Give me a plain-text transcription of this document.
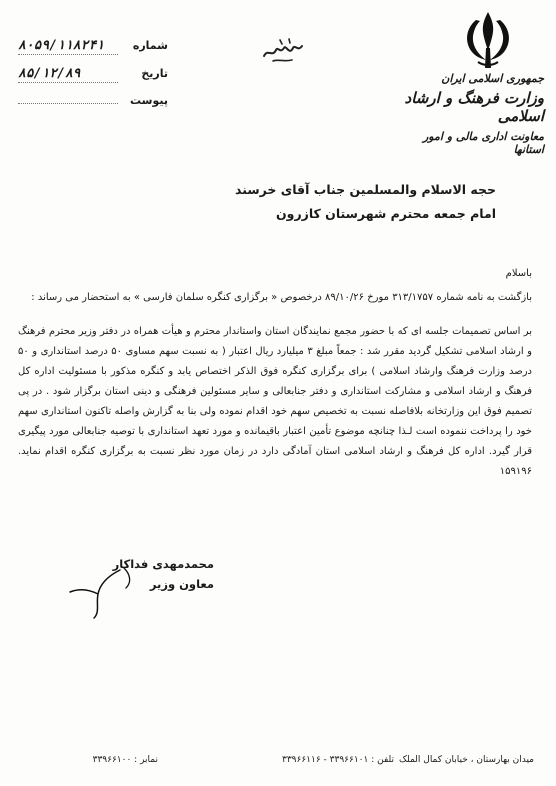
شماره
۸۰۵۹/۱۱۸۲۴۱
تاریخ
۸۵/۱۲/۸۹
پیوست
جمهوری اسلامی ایران
وزارت فرهنگ و ارشاد اسلامی
معاونت اداری مالی و امور استانها
حجه الاسلام والمسلمین جناب آقای خرسند
امام جمعه محترم شهرستان کازرون

باسلام

بازگشت به نامه شماره ۳۱۳/۱۷۵۷ مورخ ۸۹/۱۰/۲۶ درخصوص « برگزاری کنگره سلمان فارسی » به استحضار می رساند :

بر اساس تصمیمات جلسه ای که با حضور مجمع نمایندگان استان واستاندار محترم و هیأت همراه در دفتر وزیر محترم فرهنگ و ارشاد اسلامی تشکیل گردید مقرر شد : جمعاً مبلغ ۳ میلیارد ریال اعتبار ( به نسبت سهم مساوی ۵۰ درصد استانداری و ۵۰ درصد وزارت فرهنگ وارشاد اسلامی ) برای برگزاری کنگره فوق الذکر اختصاص یابد و کنگره مذکور با مسئولیت اداره کل فرهنگ و ارشاد اسلامی و مشارکت استانداری و دفتر جنابعالی و سایر مسئولین فرهنگی و دینی استان برگزار شود . در پی تصمیم فوق این وزارتخانه بلافاصله نسبت به تخصیص سهم خود اقدام نموده ولی بنا به گزارش واصله تاکنون استانداری سهم خود را پرداخت ننموده است لـذا چنانچه موضوع تأمین اعتبار باقیمانده و مورد تعهد استانداری با توصیه جنابعالی مورد پیگیری قرار گیرد. اداره کل فرهنگ و ارشاد اسلامی استان آمادگی دارد در زمان مورد نظر نسبت به برگزاری کنگره اقدام نماید. ۱۵۹۱۹۶

محمدمهدی فداکار
معاون وزیر
میدان بهارستان ، خیابان کمال الملک
تلفن : ۳۳۹۶۶۱۰۱ - ۳۳۹۶۶۱۱۶
نمابر : ۳۳۹۶۶۱۰۰
